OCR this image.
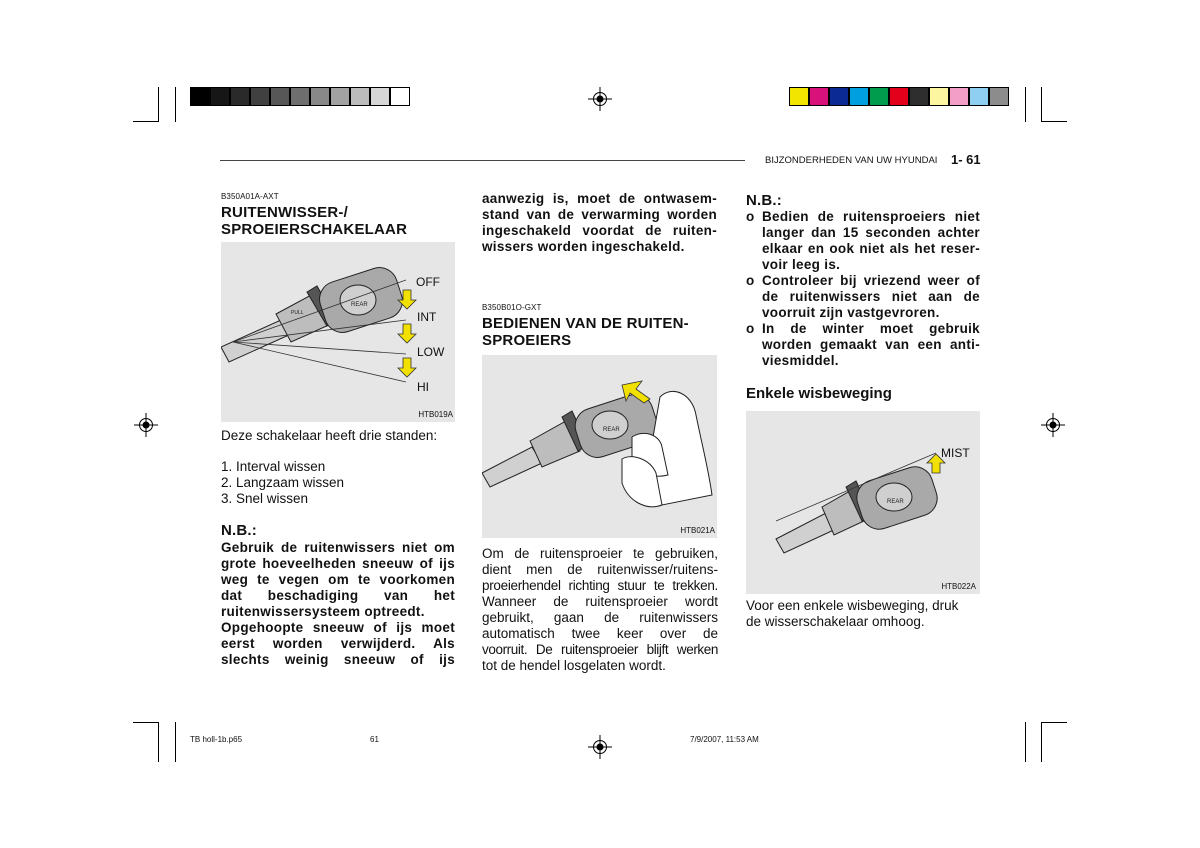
BIJZONDERHEDEN VAN UW HYUNDAI 1- 61
B350A01A-AXT
RUITENWISSER-/
SPROEIERSCHAKELAAR
REAR
PULL
OFF
INT
LOW
HI
HTB019A
Deze schakelaar heeft drie standen:
1. Interval wissen
2. Langzaam wissen
3. Snel wissen
N.B.:
Gebruik de ruitenwissers niet om
grote hoeveelheden sneeuw of ijs
weg te vegen om te voorkomen
dat beschadiging van het
ruitenwissersysteem optreedt.
Opgehoopte sneeuw of ijs moet
eerst worden verwijderd. Als
slechts weinig sneeuw of ijs
aanwezig is, moet de ontwasem-
stand van de verwarming worden
ingeschakeld voordat de ruiten-
wissers worden ingeschakeld.
B350B01O-GXT
BEDIENEN VAN DE RUITEN-
SPROEIERS
REAR
HTB021A
Om de ruitensproeier te gebruiken,
dient men de ruitenwisser/ruitens-
proeierhendel richting stuur te trekken.
Wanneer de ruitensproeier wordt
gebruikt, gaan de ruitenwissers
automatisch twee keer over de
voorruit. De ruitensproeier blijft werken
tot de hendel losgelaten wordt.
N.B.:
o Bedien de ruitensproeiers niet
langer dan 15 seconden achter
elkaar en ook niet als het reser-
voir leeg is.
o Controleer bij vriezend weer of
de ruitenwissers niet aan de
voorruit zijn vastgevroren.
o In de winter moet gebruik
worden gemaakt van een anti-
viesmiddel.
Enkele wisbeweging
REAR
MIST
HTB022A
Voor een enkele wisbeweging, druk
de wisserschakelaar omhoog.
TB holl-1b.p65	61	7/9/2007, 11:53 AM
